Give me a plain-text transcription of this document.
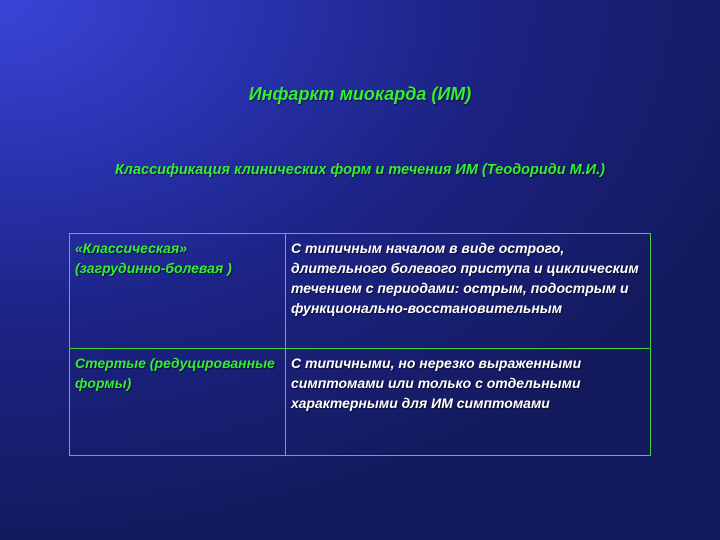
Инфаркт миокарда (ИМ)
Классификация клинических форм и течения ИМ (Теодориди М.И.)
«Классическая» (загрудинно-болевая )	С типичным началом в виде острого, длительного болевого приступа и циклическим течением с периодами: острым, подострым и функционально-восстановительным
Стертые (редуцированные формы)	С типичными, но нерезко выраженными симптомами или только с отдельными характерными для ИМ симптомами
